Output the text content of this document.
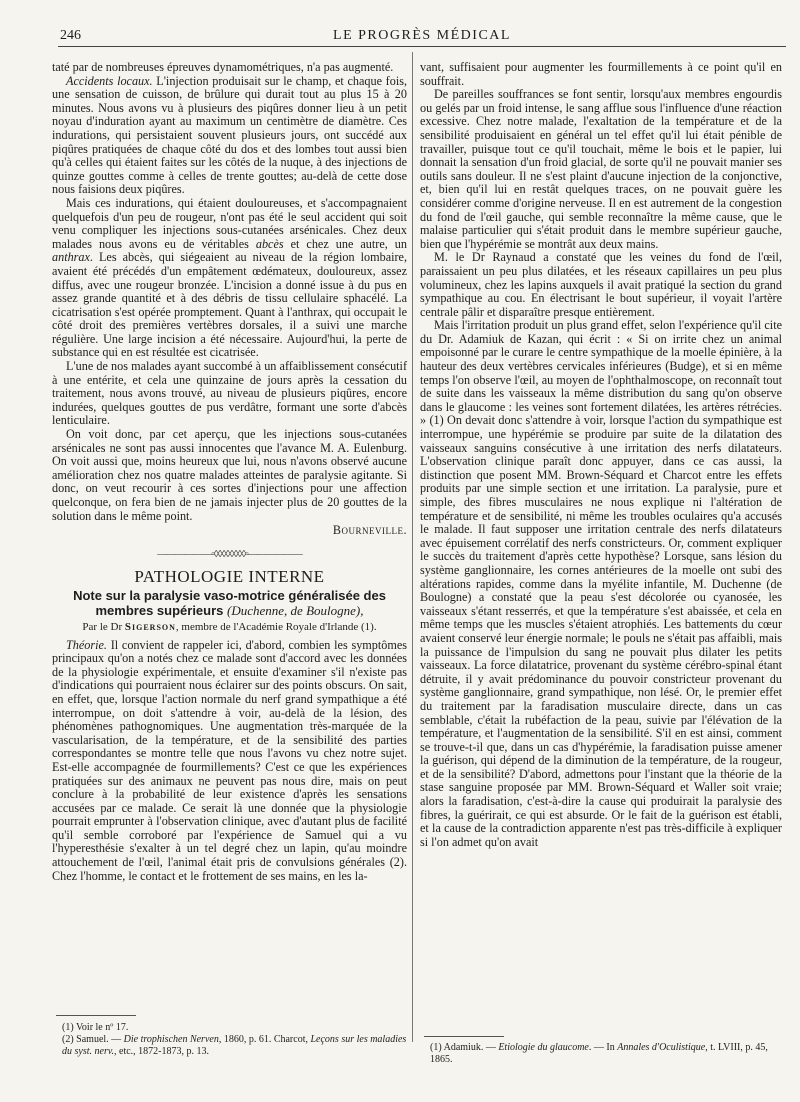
246	LE PROGRÈS MÉDICAL

taté par de nombreuses épreuves dynamométriques, n'a pas augmenté.

Accidents locaux. L'injection produisait sur le champ, et chaque fois, une sensation de cuisson, de brûlure qui durait tout au plus 15 à 20 minutes. Nous avons vu à plusieurs des piqûres donner lieu à un petit noyau d'induration ayant au maximum un centimètre de diamètre. Ces indurations, qui persistaient souvent plusieurs jours, ont succédé aux piqûres pratiquées de chaque côté du dos et des lombes tout aussi bien qu'à celles qui étaient faites sur les côtés de la nuque, à des injections de quinze gouttes comme à celles de trente gouttes; au-delà de cette dose nous faisions deux piqûres.

Mais ces indurations, qui étaient douloureuses, et s'accompagnaient quelquefois d'un peu de rougeur, n'ont pas été le seul accident qui soit venu compliquer les injections sous-cutanées arsénicales. Chez deux malades nous avons eu de véritables abcès et chez une autre, un anthrax. Les abcès, qui siégeaient au niveau de la région lombaire, avaient été précédés d'un empâtement œdémateux, douloureux, assez diffus, avec une rougeur bronzée. L'incision a donné issue à du pus en assez grande quantité et à des débris de tissu cellulaire sphacélé. La cicatrisation s'est opérée promptement. Quant à l'anthrax, qui occupait le côté droit des premières vertèbres dorsales, il a suivi une marche régulière. Une large incision a été nécessaire. Aujourd'hui, la perte de substance qui en est résultée est cicatrisée.

L'une de nos malades ayant succombé à un affaiblissement consécutif à une entérite, et cela une quinzaine de jours après la cessation du traitement, nous avons trouvé, au niveau de plusieurs piqûres, encore indurées, quelques gouttes de pus verdâtre, formant une sorte d'abcès lenticulaire.

On voit donc, par cet aperçu, que les injections sous-cutanées arsénicales ne sont pas aussi innocentes que l'avance M. A. Eulenburg. On voit aussi que, moins heureux que lui, nous n'avons observé aucune amélioration chez nos quatre malades atteintes de paralysie agitante. Si donc, on veut recourir à ces sortes d'injections pour une affection quelconque, on fera bien de ne jamais injecter plus de 20 gouttes de la solution dans le même point.

Bourneville.
——————▫◊◊◊◊◊◊◊◊▫——————
PATHOLOGIE INTERNE
Note sur la paralysie vaso-motrice généralisée des membres supérieurs (Duchenne, de Boulogne),
Par le Dr Sigerson, membre de l'Académie Royale d'Irlande (1).

Théorie. Il convient de rappeler ici, d'abord, combien les symptômes principaux qu'on a notés chez ce malade sont d'accord avec les données de la physiologie expérimentale, et ensuite d'examiner s'il n'existe pas d'indications qui pourraient nous éclairer sur des points obscurs. On sait, en effet, que, lorsque l'action normale du nerf grand sympathique a été interrompue, on doit s'attendre à voir, au-delà de la lésion, des phénomènes pathognomiques. Une augmentation très-marquée de la vascularisation, de la température, et de la sensibilité des parties correspondantes se montre telle que nous l'avons vu chez notre sujet. Est-elle accompagnée de fourmillements? C'est ce que les expériences pratiquées sur des animaux ne peuvent pas nous dire, mais on peut conclure à la probabilité de leur existence d'après les sensations accusées par ce malade. Ce serait là une donnée que la physiologie pourrait emprunter à l'observation clinique, avec d'autant plus de facilité qu'il semble corroboré par l'expérience de Samuel qui a vu l'hyperesthésie s'exalter à un tel degré chez un lapin, qu'au moindre attouchement de l'œil, l'animal était pris de convulsions générales (2). Chez l'homme, le contact et le frottement de ses mains, en les la-

(1) Voir le nº 17.
(2) Samuel. — Die trophischen Nerven, 1860, p. 61. Charcot, Leçons sur les maladies du syst. nerv., etc., 1872-1873, p. 13.

vant, suffisaient pour augmenter les fourmillements à ce point qu'il en souffrait.

De pareilles souffrances se font sentir, lorsqu'aux membres engourdis ou gelés par un froid intense, le sang afflue sous l'influence d'une réaction excessive. Chez notre malade, l'exaltation de la température et de la sensibilité produisaient en général un tel effet qu'il lui était pénible de travailler, puisque tout ce qu'il touchait, même le bois et le papier, lui donnait la sensation d'un froid glacial, de sorte qu'il ne pouvait manier ses outils sans douleur. Il ne s'est plaint d'aucune injection de la conjonctive, et, bien qu'il lui en restât quelques traces, on ne pouvait guère les considérer comme d'origine nerveuse. Il en est autrement de la congestion du fond de l'œil gauche, qui semble reconnaître la même cause, que le malaise particulier qui s'était produit dans le membre supérieur gauche, bien que l'hypérémie se montrât aux deux mains.

M. le Dr Raynaud a constaté que les veines du fond de l'œil, paraissaient un peu plus dilatées, et les réseaux capillaires un peu plus volumineux, chez les lapins auxquels il avait pratiqué la section du grand sympathique au cou. En électrisant le bout supérieur, il voyait l'artère centrale pâlir et disparaître presque entièrement.

Mais l'irritation produit un plus grand effet, selon l'expérience qu'il cite du Dr. Adamiuk de Kazan, qui écrit : « Si on irrite chez un animal empoisonné par le curare le centre sympathique de la moelle épinière, à la hauteur des deux vertèbres cervicales inférieures (Budge), et si en même temps l'on observe l'œil, au moyen de l'ophthalmoscope, on reconnaît tout de suite dans les vaisseaux la même distribution du sang qu'on observe dans le glaucome : les veines sont fortement dilatées, les artères rétrécies. » (1) On devait donc s'attendre à voir, lorsque l'action du sympathique est interrompue, une hypérémie se produire par suite de la dilatation des vaisseaux sanguins consécutive à une irritation des nerfs dilatateurs. L'observation clinique paraît donc appuyer, dans ce cas aussi, la distinction que posent MM. Brown-Séquard et Charcot entre les effets produits par une simple section et une irritation. La paralysie, pure et simple, des fibres musculaires ne nous explique ni l'altération de température et de sensibilité, ni même les troubles oculaires qu'a accusés le malade. Il faut supposer une irritation centrale des nerfs dilatateurs avec épuisement corrélatif des nerfs constricteurs. Or, comment expliquer le succès du traitement d'après cette hypothèse? Lorsque, sans lésion du système ganglionnaire, les cornes antérieures de la moelle ont subi des altérations rapides, comme dans la myélite infantile, M. Duchenne (de Boulogne) a constaté que la peau s'est décolorée ou cyanosée, les vaisseaux s'étant resserrés, et que la température s'est abaissée, et cela en même temps que les muscles s'étaient atrophiés. Les battements du cœur avaient conservé leur énergie normale; le pouls ne s'était pas affaibli, mais la puissance de l'impulsion du sang ne pouvait plus dilater les petits vaisseaux. La force dilatatrice, provenant du système cérébro-spinal étant détruite, il y avait prédominance du pouvoir constricteur provenant du système ganglionnaire, grand sympathique, non lésé. Or, le premier effet du traitement par la faradisation musculaire directe, dans un cas semblable, c'était la rubéfaction de la peau, suivie par l'élévation de la température, et l'augmentation de la sensibilité. S'il en est ainsi, comment se trouve-t-il que, dans un cas d'hypérémie, la faradisation puisse amener la guérison, qui dépend de la diminution de la température, de la rougeur, et de la sensibilité? D'abord, admettons pour l'instant que la théorie de la stase sanguine proposée par MM. Brown-Séquard et Waller soit vraie; alors la faradisation, c'est-à-dire la cause qui produirait la paralysie des fibres, la guérirait, ce qui est absurde. Or le fait de la guérison est établi, et la cause de la contradiction apparente n'est pas très-difficile à expliquer si l'on admet qu'on avait

(1) Adamiuk. — Etiologie du glaucome. — In Annales d'Oculistique, t. LVIII, p. 45, 1865.
